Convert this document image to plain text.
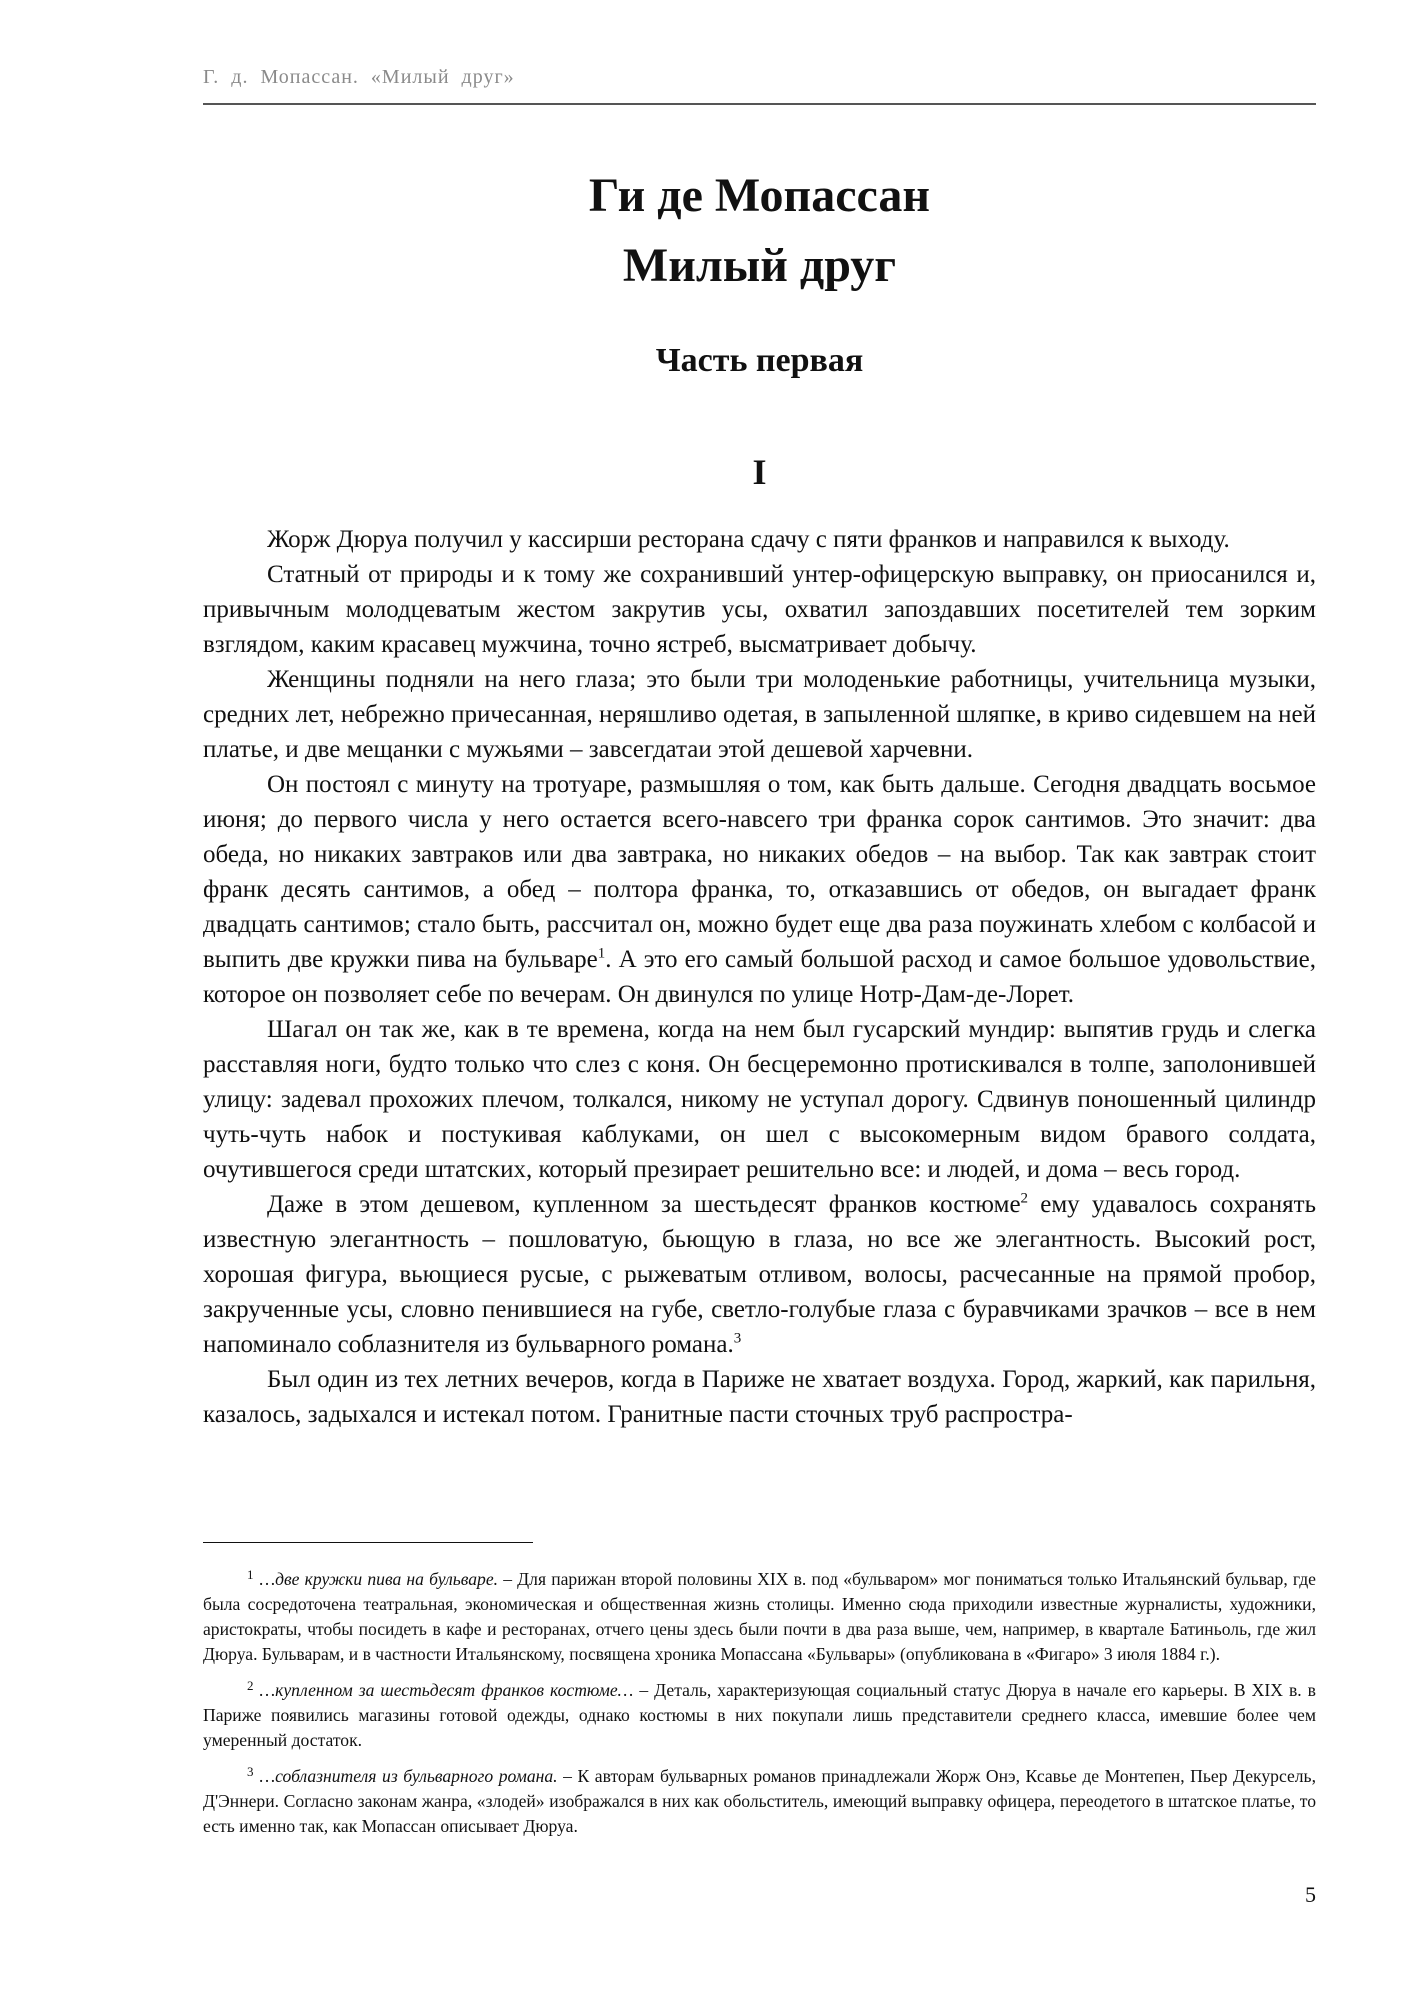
Г. д. Мопассан. «Милый друг»
Ги де Мопассан
Милый друг
Часть первая
I

Жорж Дюруа получил у кассирши ресторана сдачу с пяти франков и направился к выходу.

Статный от природы и к тому же сохранивший унтер-офицерскую выправку, он приосанился и, привычным молодцеватым жестом закрутив усы, охватил запоздавших посетителей тем зорким взглядом, каким красавец мужчина, точно ястреб, высматривает добычу.

Женщины подняли на него глаза; это были три молоденькие работницы, учительница музыки, средних лет, небрежно причесанная, неряшливо одетая, в запыленной шляпке, в криво сидевшем на ней платье, и две мещанки с мужьями – завсегдатаи этой дешевой харчевни.

Он постоял с минуту на тротуаре, размышляя о том, как быть дальше. Сегодня двадцать восьмое июня; до первого числа у него остается всего-навсего три франка сорок сантимов. Это значит: два обеда, но никаких завтраков или два завтрака, но никаких обедов – на выбор. Так как завтрак стоит франк десять сантимов, а обед – полтора франка, то, отказавшись от обедов, он выгадает франк двадцать сантимов; стало быть, рассчитал он, можно будет еще два раза поужинать хлебом с колбасой и выпить две кружки пива на бульваре$^1$. А это его самый большой расход и самое большое удовольствие, которое он позволяет себе по вечерам. Он двинулся по улице Нотр-Дам-де-Лорет.

Шагал он так же, как в те времена, когда на нем был гусарский мундир: выпятив грудь и слегка расставляя ноги, будто только что слез с коня. Он бесцеремонно протискивался в толпе, заполонившей улицу: задевал прохожих плечом, толкался, никому не уступал дорогу. Сдвинув поношенный цилиндр чуть-чуть набок и постукивая каблуками, он шел с высокомерным видом бравого солдата, очутившегося среди штатских, который презирает решительно все: и людей, и дома – весь город.

Даже в этом дешевом, купленном за шестьдесят франков костюме$^2$ ему удавалось сохранять известную элегантность – пошловатую, бьющую в глаза, но все же элегантность. Высокий рост, хорошая фигура, вьющиеся русые, с рыжеватым отливом, волосы, расчесанные на прямой пробор, закрученные усы, словно пенившиеся на губе, светло-голубые глаза с буравчиками зрачков – все в нем напоминало соблазнителя из бульварного романа.$^3$

Был один из тех летних вечеров, когда в Париже не хватает воздуха. Город, жаркий, как парильня, казалось, задыхался и истекал потом. Гранитные пасти сточных труб распростра-

$^1$ …две кружки пива на бульваре. – Для парижан второй половины XIX в. под «бульваром» мог пониматься только Итальянский бульвар, где была сосредоточена театральная, экономическая и общественная жизнь столицы. Именно сюда приходили известные журналисты, художники, аристократы, чтобы посидеть в кафе и ресторанах, отчего цены здесь были почти в два раза выше, чем, например, в квартале Батиньоль, где жил Дюруа. Бульварам, и в частности Итальянскому, посвящена хроника Мопассана «Бульвары» (опубликована в «Фигаро» 3 июля 1884 г.).

$^2$ …купленном за шестьдесят франков костюме… – Деталь, характеризующая социальный статус Дюруа в начале его карьеры. В XIX в. в Париже появились магазины готовой одежды, однако костюмы в них покупали лишь представители среднего класса, имевшие более чем умеренный достаток.

$^3$ …соблазнителя из бульварного романа. – К авторам бульварных романов принадлежали Жорж Онэ, Ксавье де Монтепен, Пьер Декурсель, Д'Эннери. Согласно законам жанра, «злодей» изображался в них как обольститель, имеющий выправку офицера, переодетого в штатское платье, то есть именно так, как Мопассан описывает Дюруа.

5
